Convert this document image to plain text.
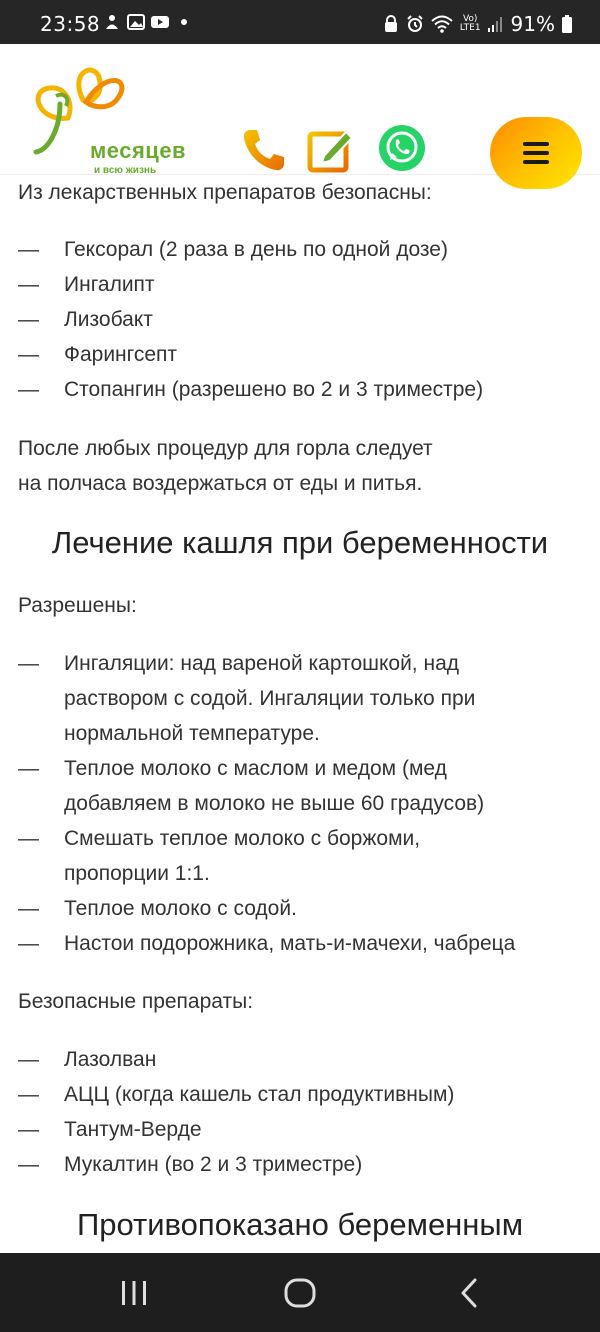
23:58	Vo)
LTE1 91%
месяцев
и всю жизнь

Из лекарственных препаратов безопасны:

— Гексорал (2 раза в день по одной дозе)
— Ингалипт
— Лизобакт
— Фарингсепт
— Стопангин (разрешено во 2 и 3 триместре)

После любых процедур для горла следует

на полчаса воздержаться от еды и питья.

Лечение кашля при беременности

Разрешены:

— Ингаляции: над вареной картошкой, над
раствором с содой. Ингаляции только при
нормальной температуре.
— Теплое молоко с маслом и медом (мед
добавляем в молоко не выше 60 градусов)
— Смешать теплое молоко с боржоми,
пропорции 1:1.
— Теплое молоко с содой.
— Настои подорожника, мать-и-мачехи, чабреца

Безопасные препараты:

— Лазолван
— АЦЦ (когда кашель стал продуктивным)
— Тантум-Верде
— Мукалтин (во 2 и 3 триместре)
Противопоказано беременным
